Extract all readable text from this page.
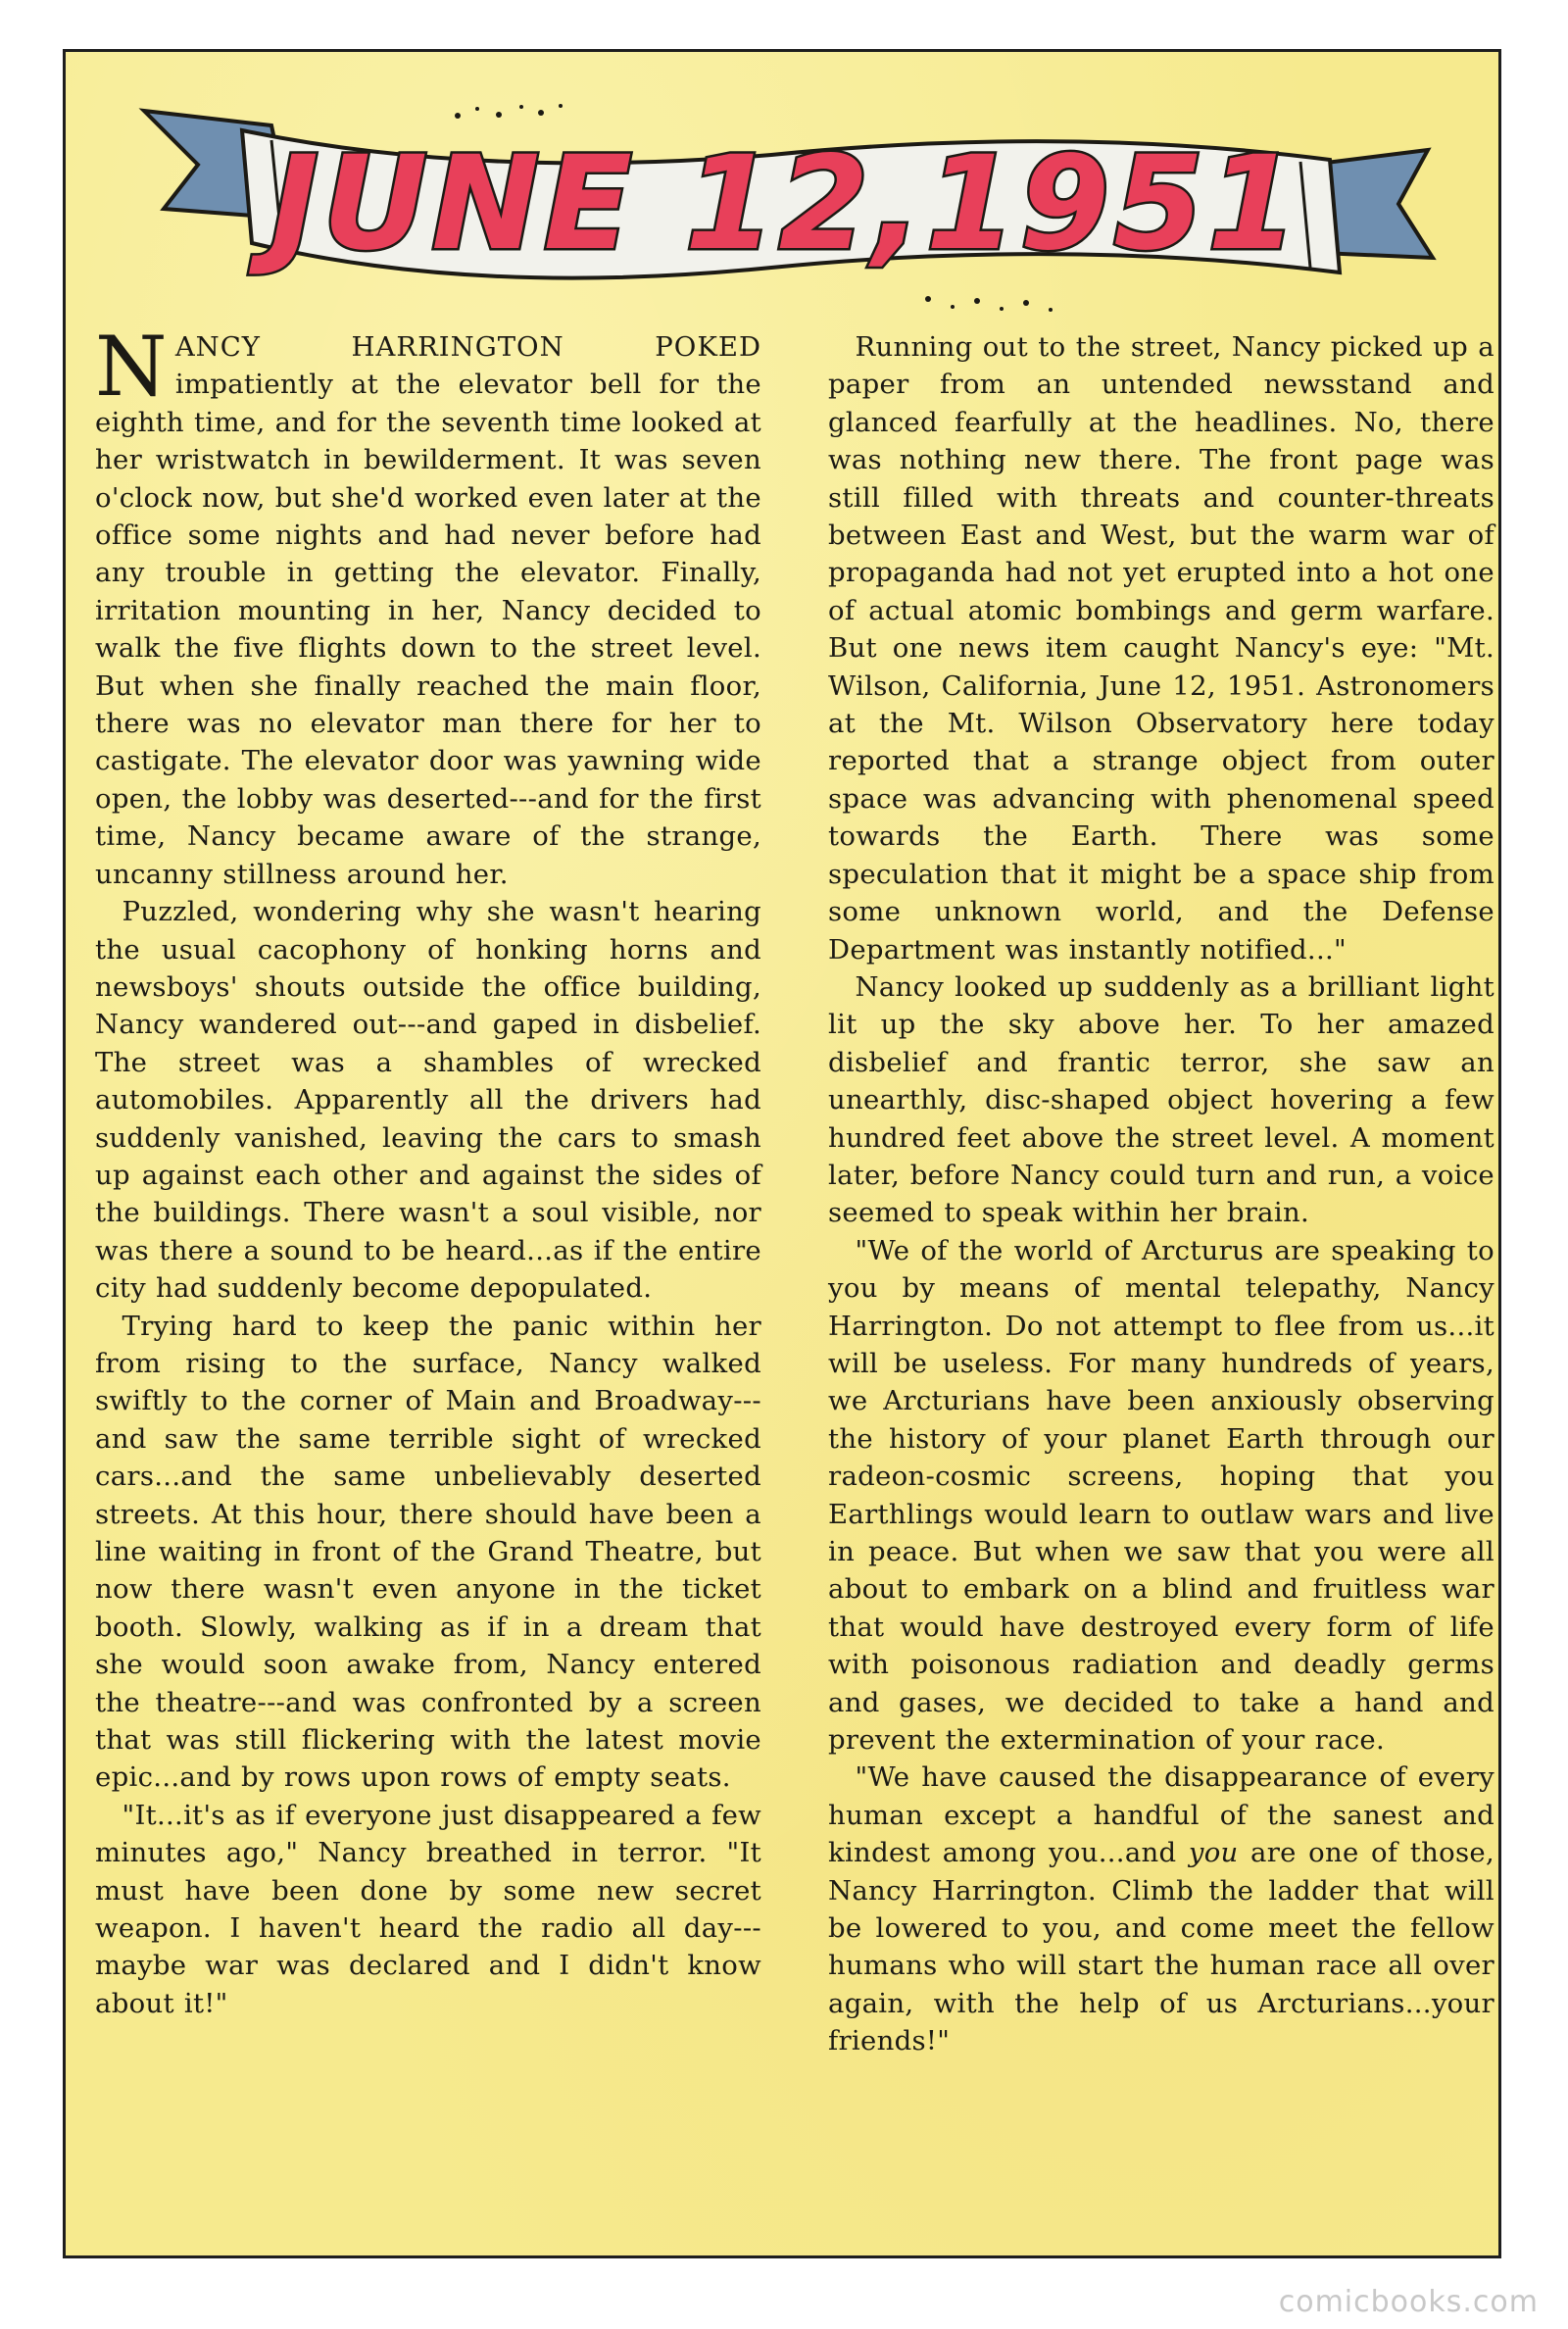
JUNE 12,1951

NANCY HARRINGTON POKED impatiently at the elevator bell for the eighth time, and for the seventh time looked at her wristwatch in bewilderment. It was seven o'clock now, but she'd worked even later at the office some nights and had never before had any trouble in getting the elevator. Finally, irritation mounting in her, Nancy decided to walk the five flights down to the street level. But when she finally reached the main floor, there was no elevator man there for her to castigate. The elevator door was yawning wide open, the lobby was deserted---and for the first time, Nancy became aware of the strange, uncanny stillness around her.

Puzzled, wondering why she wasn't hearing the usual cacophony of honking horns and newsboys' shouts outside the office building, Nancy wandered out---and gaped in disbelief. The street was a shambles of wrecked automobiles. Apparently all the drivers had suddenly vanished, leaving the cars to smash up against each other and against the sides of the buildings. There wasn't a soul visible, nor was there a sound to be heard...as if the entire city had suddenly become depopulated.

Trying hard to keep the panic within her from rising to the surface, Nancy walked swiftly to the corner of Main and Broadway---and saw the same terrible sight of wrecked cars...and the same unbelievably deserted streets. At this hour, there should have been a line waiting in front of the Grand Theatre, but now there wasn't even anyone in the ticket booth. Slowly, walking as if in a dream that she would soon awake from, Nancy entered the theatre---and was confronted by a screen that was still flickering with the latest movie epic...and by rows upon rows of empty seats.

"It...it's as if everyone just disappeared a few minutes ago," Nancy breathed in terror. "It must have been done by some new secret weapon. I haven't heard the radio all day---maybe war was declared and I didn't know about it!"

Running out to the street, Nancy picked up a paper from an untended newsstand and glanced fearfully at the headlines. No, there was nothing new there. The front page was still filled with threats and counter-threats between East and West, but the warm war of propaganda had not yet erupted into a hot one of actual atomic bombings and germ warfare. But one news item caught Nancy's eye: "Mt. Wilson, California, June 12, 1951. Astronomers at the Mt. Wilson Observatory here today reported that a strange object from outer space was advancing with phenomenal speed towards the Earth. There was some speculation that it might be a space ship from some unknown world, and the Defense Department was instantly notified..."

Nancy looked up suddenly as a brilliant light lit up the sky above her. To her amazed disbelief and frantic terror, she saw an unearthly, disc-shaped object hovering a few hundred feet above the street level. A moment later, before Nancy could turn and run, a voice seemed to speak within her brain.

"We of the world of Arcturus are speaking to you by means of mental telepathy, Nancy Harrington. Do not attempt to flee from us...it will be useless. For many hundreds of years, we Arcturians have been anxiously observing the history of your planet Earth through our radeon-cosmic screens, hoping that you Earthlings would learn to outlaw wars and live in peace. But when we saw that you were all about to embark on a blind and fruitless war that would have destroyed every form of life with poisonous radiation and deadly germs and gases, we decided to take a hand and prevent the extermination of your race.

"We have caused the disappearance of every human except a handful of the sanest and kindest among you...and you are one of those, Nancy Harrington. Climb the ladder that will be lowered to you, and come meet the fellow humans who will start the human race all over again, with the help of us Arcturians...your friends!"

comicbooks.com
